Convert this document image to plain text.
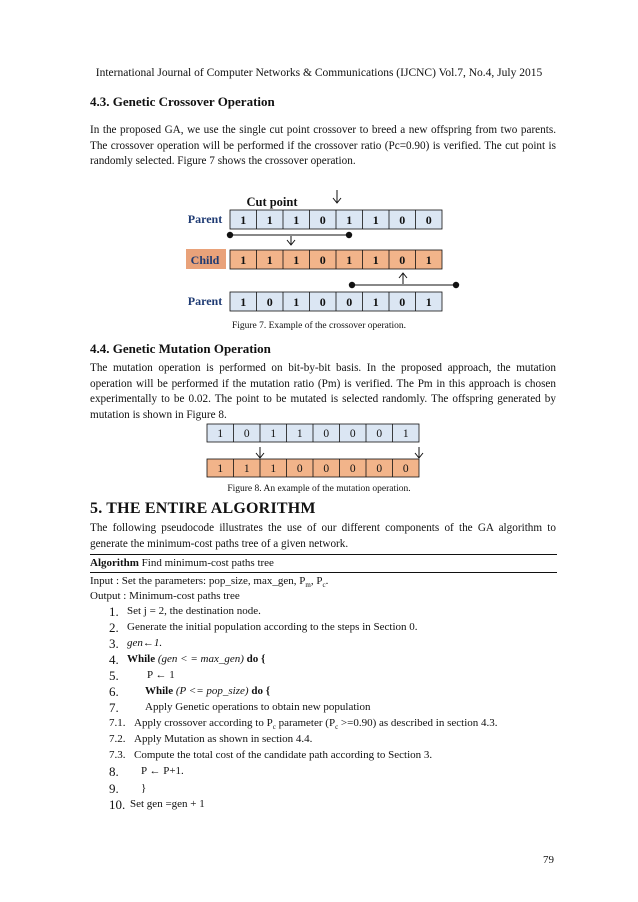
International Journal of Computer Networks & Communications (IJCNC) Vol.7, No.4, July 2015
4.3. Genetic Crossover Operation
In the proposed GA, we use the single cut point crossover to breed a new offspring from two parents. The crossover operation will be performed if the crossover ratio (Pc=0.90) is verified. The cut point is randomly selected. Figure 7 shows the crossover operation.
Cut point
Parent 1 1 1 0 1 1 0 0
Child 1 1 1 0 1 1 0 1
Parent 1 0 1 0 0 1 0 1
Figure 7. Example of the crossover operation.
4.4. Genetic Mutation Operation
The mutation operation is performed on bit-by-bit basis. In the proposed approach, the mutation operation will be performed if the mutation ratio (Pm) is verified. The Pm in this approach is chosen experimentally to be 0.02. The point to be mutated is selected randomly. The offspring generated by mutation is shown in Figure 8.
1 0 1 1 0 0 0 1
1 1 1 0 0 0 0 0
Figure 8. An example of the mutation operation.
5. THE ENTIRE ALGORITHM
The following pseudocode illustrates the use of our different components of the GA algorithm to generate the minimum-cost paths tree of a given network.
Algorithm Find minimum-cost paths tree
Input : Set the parameters: pop_size, max_gen, $P_m$, $P_c$.
Output : Minimum-cost paths tree
1. Set j = 2, the destination node.
2. Generate the initial population according to the steps in Section 0.
3. gen←1.
4. While (gen < = max_gen) do {
5.	P ← 1
6. While (P <= pop_size) do {
7. Apply Genetic operations to obtain new population
7.1. Apply crossover according to $P_c$ parameter $(P_c >=0.90)$ as described in section 4.3.
7.2. Apply Mutation as shown in section 4.4.
7.3. Compute the total cost of the candidate path according to Section 3.
8. P ← P+1.
9. }
10. Set gen =gen + 1
79
